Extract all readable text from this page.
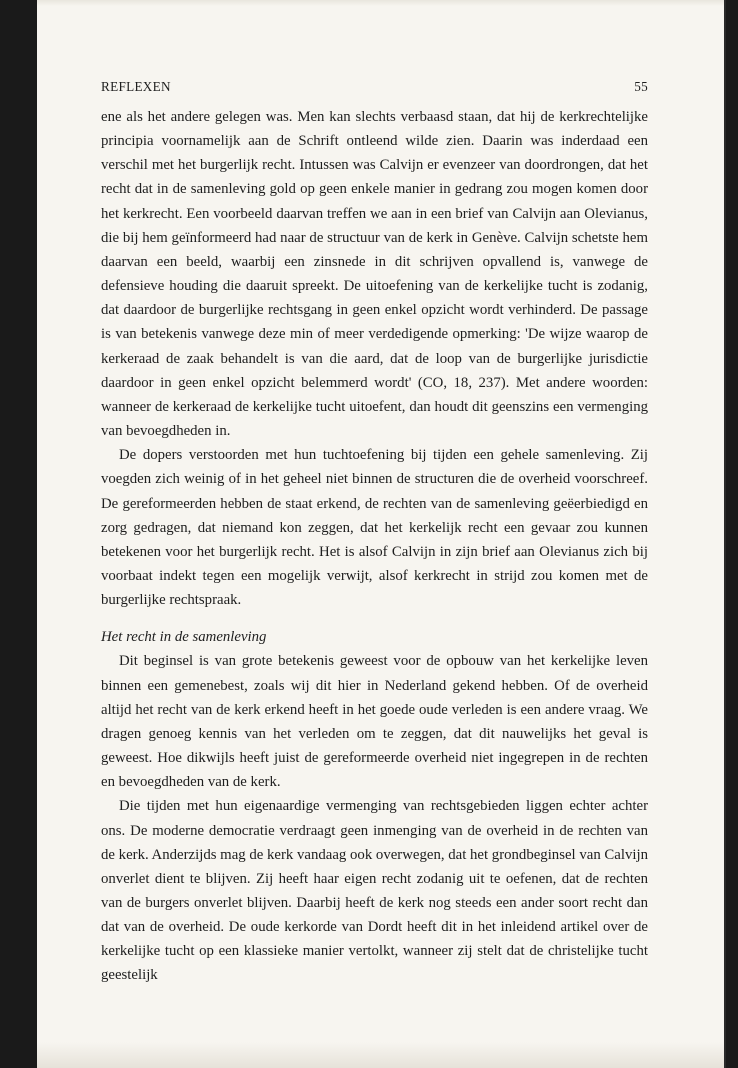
REFLEXEN	55

ene als het andere gelegen was. Men kan slechts verbaasd staan, dat hij de kerkrechtelijke principia voornamelijk aan de Schrift ontleend wilde zien. Daarin was inderdaad een verschil met het burgerlijk recht. Intussen was Calvijn er evenzeer van doordrongen, dat het recht dat in de samenleving gold op geen enkele manier in gedrang zou mogen komen door het kerkrecht. Een voorbeeld daarvan treffen we aan in een brief van Calvijn aan Olevianus, die bij hem geïnformeerd had naar de structuur van de kerk in Genève. Calvijn schetste hem daarvan een beeld, waarbij een zinsnede in dit schrijven opvallend is, vanwege de defensieve houding die daaruit spreekt. De uitoefening van de kerkelijke tucht is zodanig, dat daardoor de burgerlijke rechtsgang in geen enkel opzicht wordt verhinderd. De passage is van betekenis vanwege deze min of meer verdedigende opmerking: 'De wijze waarop de kerkeraad de zaak behandelt is van die aard, dat de loop van de burgerlijke jurisdictie daardoor in geen enkel opzicht belemmerd wordt' (CO, 18, 237). Met andere woorden: wanneer de kerkeraad de kerkelijke tucht uitoefent, dan houdt dit geenszins een vermenging van bevoegdheden in.

De dopers verstoorden met hun tuchtoefening bij tijden een gehele samenleving. Zij voegden zich weinig of in het geheel niet binnen de structuren die de overheid voorschreef. De gereformeerden hebben de staat erkend, de rechten van de samenleving geëerbiedigd en zorg gedragen, dat niemand kon zeggen, dat het kerkelijk recht een gevaar zou kunnen betekenen voor het burgerlijk recht. Het is alsof Calvijn in zijn brief aan Olevianus zich bij voorbaat indekt tegen een mogelijk verwijt, alsof kerkrecht in strijd zou komen met de burgerlijke rechtspraak.

Het recht in de samenleving

Dit beginsel is van grote betekenis geweest voor de opbouw van het kerkelijke leven binnen een gemenebest, zoals wij dit hier in Nederland gekend hebben. Of de overheid altijd het recht van de kerk erkend heeft in het goede oude verleden is een andere vraag. We dragen genoeg kennis van het verleden om te zeggen, dat dit nauwelijks het geval is geweest. Hoe dikwijls heeft juist de gereformeerde overheid niet ingegrepen in de rechten en bevoegdheden van de kerk.

Die tijden met hun eigenaardige vermenging van rechtsgebieden liggen echter achter ons. De moderne democratie verdraagt geen inmenging van de overheid in de rechten van de kerk. Anderzijds mag de kerk vandaag ook overwegen, dat het grondbeginsel van Calvijn onverlet dient te blijven. Zij heeft haar eigen recht zodanig uit te oefenen, dat de rechten van de burgers onverlet blijven. Daarbij heeft de kerk nog steeds een ander soort recht dan dat van de overheid. De oude kerkorde van Dordt heeft dit in het inleidend artikel over de kerkelijke tucht op een klassieke manier vertolkt, wanneer zij stelt dat de christelijke tucht geestelijk
